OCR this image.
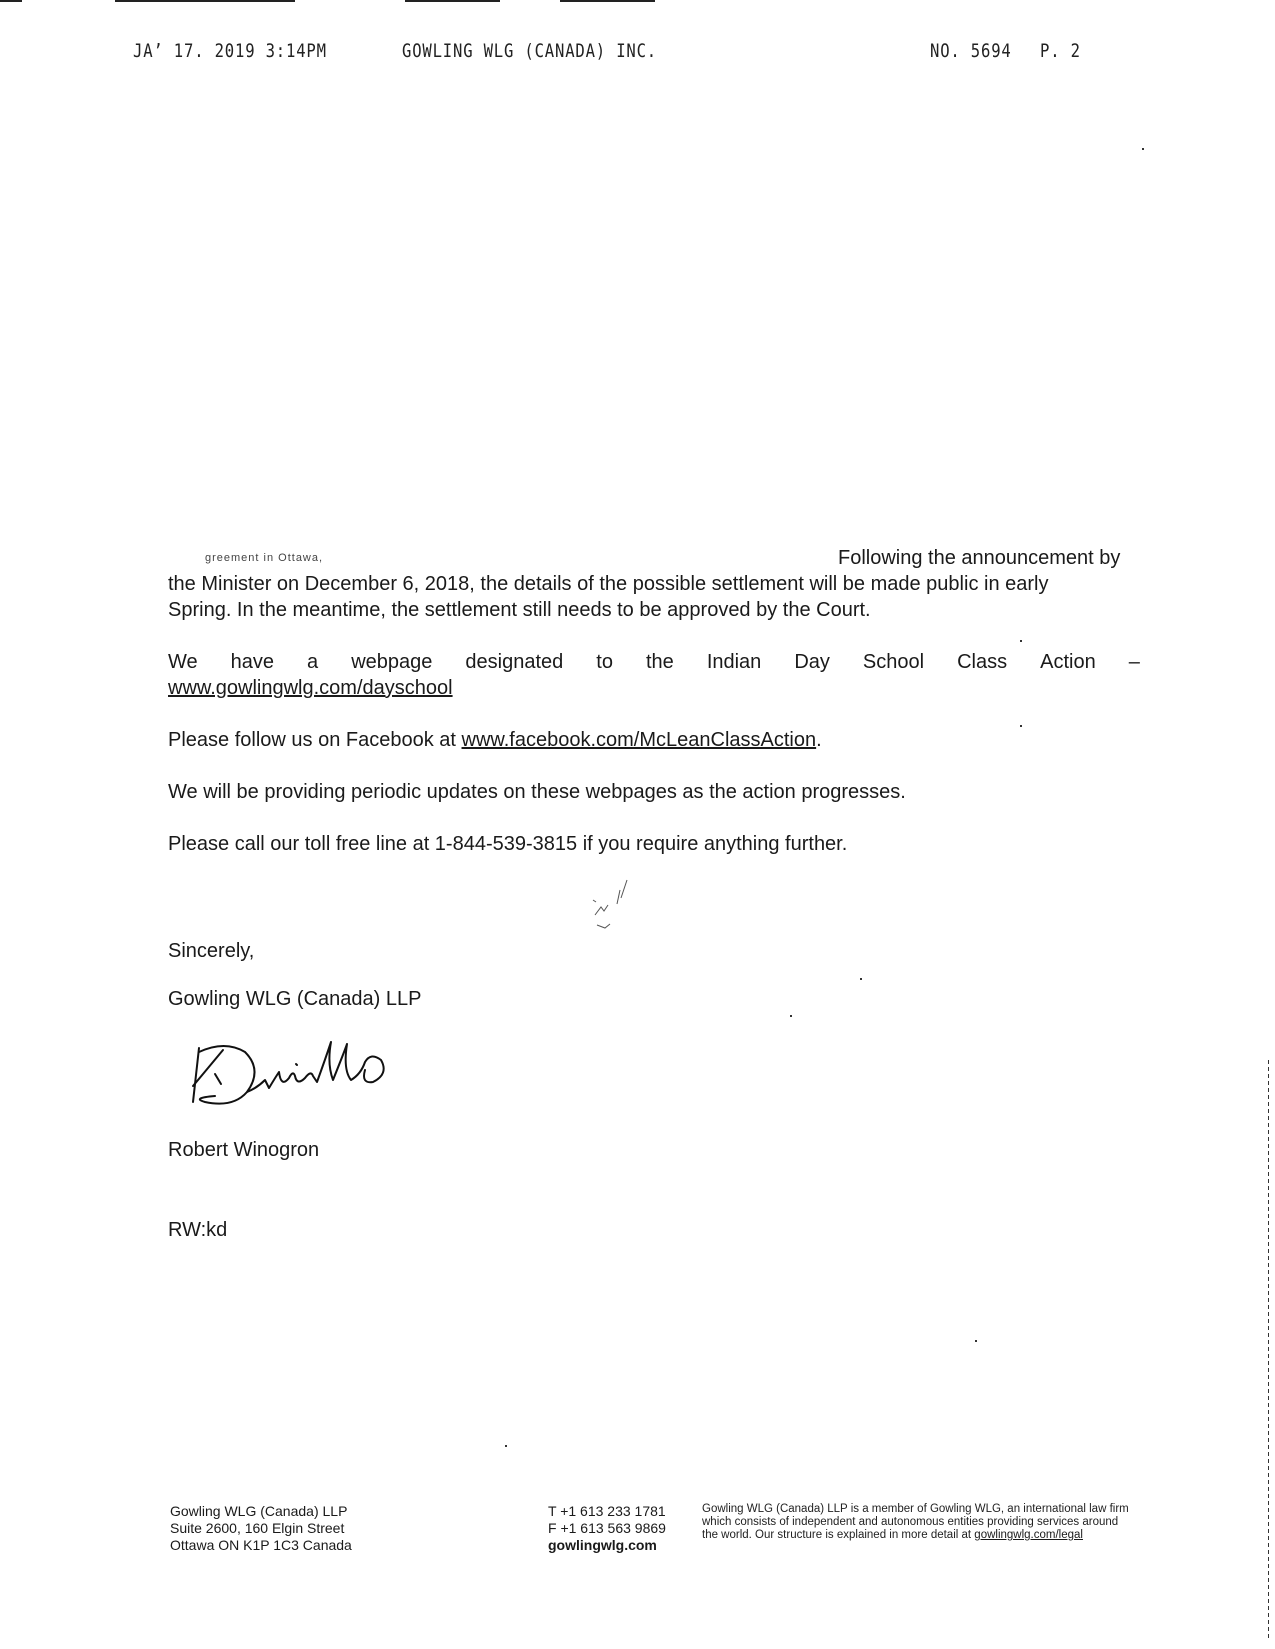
JA’ 17. 2019 3:14PM	GOWLING WLG (CANADA) INC.	NO. 5694 P. 2
greement in Ottawa,	Following the announcement by
the Minister on December 6, 2018, the details of the possible settlement will be made public in early
Spring. In the meantime, the settlement still needs to be approved by the Court.
We have a webpage designated to the Indian Day School Class Action –
www.gowlingwlg.com/dayschool
Please follow us on Facebook at www.facebook.com/McLeanClassAction.
We will be providing periodic updates on these webpages as the action progresses.
Please call our toll free line at 1-844-539-3815 if you require anything further.
Sincerely,
Gowling WLG (Canada) LLP
Robert Winogron
RW:kd
Gowling WLG (Canada) LLP
Suite 2600, 160 Elgin Street
Ottawa ON K1P 1C3 Canada
T +1 613 233 1781
F +1 613 563 9869
gowlingwlg.com
Gowling WLG (Canada) LLP is a member of Gowling WLG, an international law firm
which consists of independent and autonomous entities providing services around
the world. Our structure is explained in more detail at gowlingwlg.com/legal
